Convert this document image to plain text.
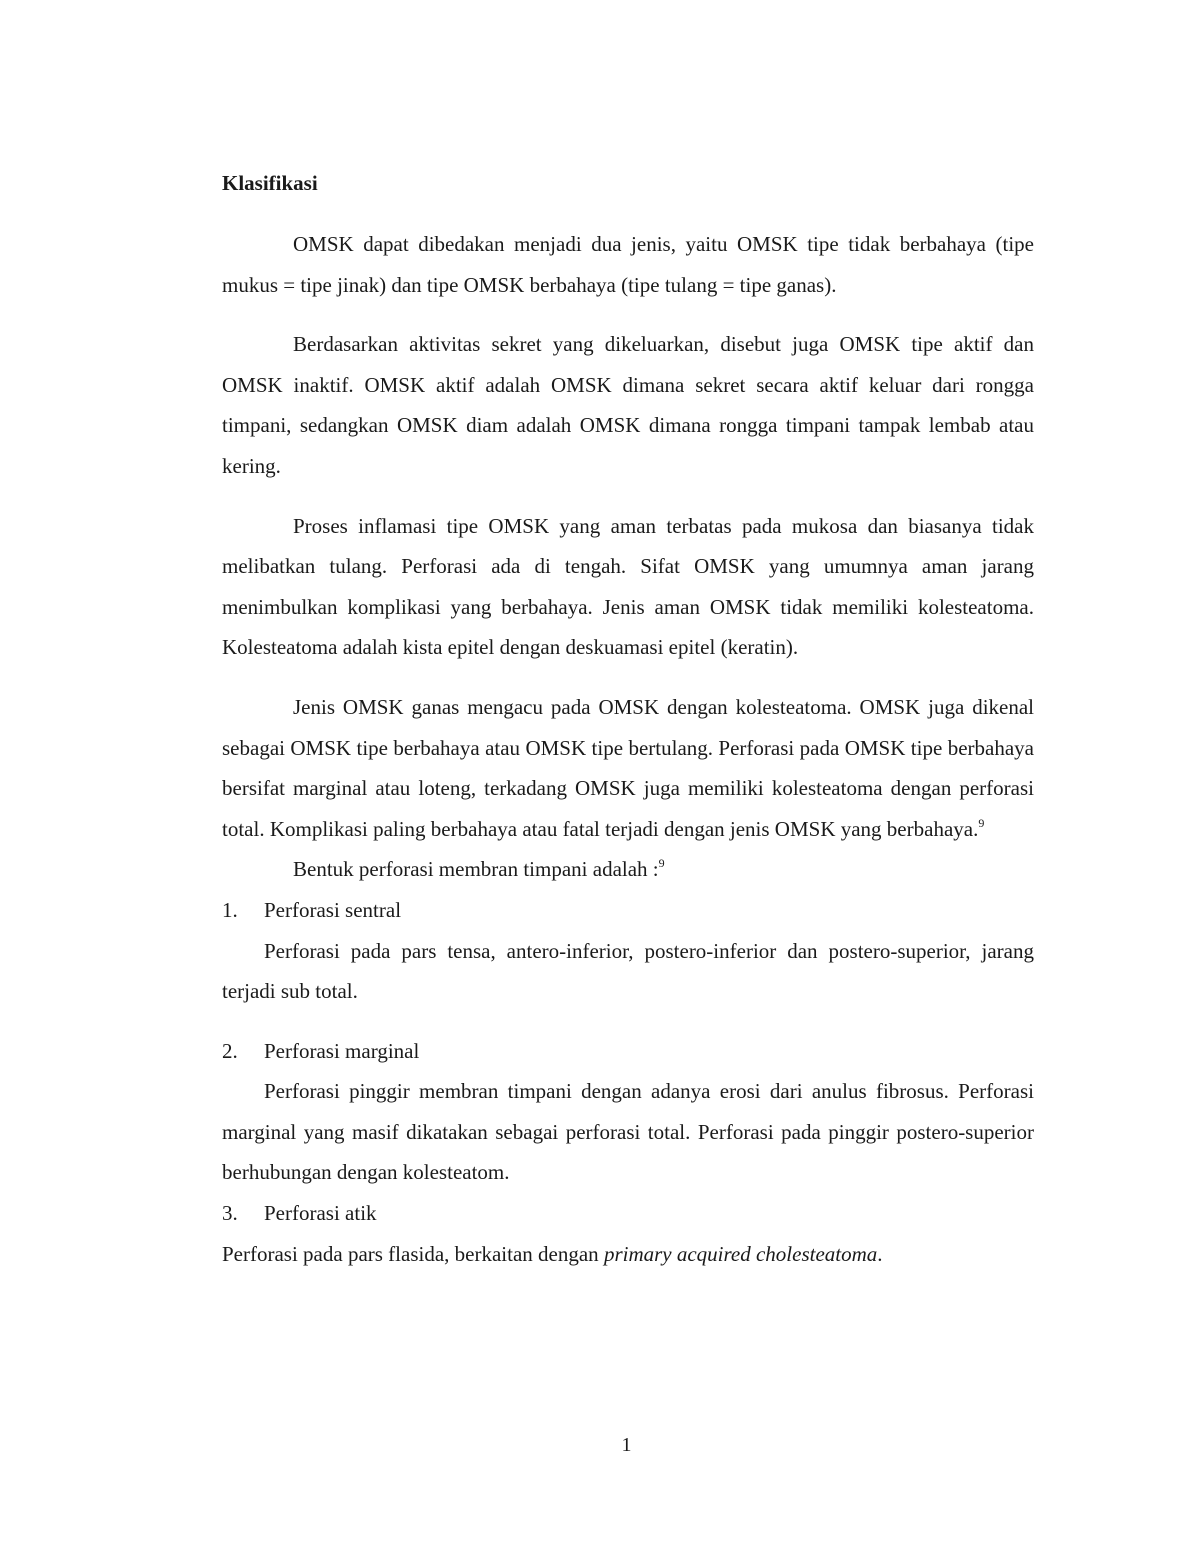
Klasifikasi

OMSK dapat dibedakan menjadi dua jenis, yaitu OMSK tipe tidak berbahaya (tipe mukus = tipe jinak) dan tipe OMSK berbahaya (tipe tulang = tipe ganas).

Berdasarkan aktivitas sekret yang dikeluarkan, disebut juga OMSK tipe aktif dan OMSK inaktif. OMSK aktif adalah OMSK dimana sekret secara aktif keluar dari rongga timpani, sedangkan OMSK diam adalah OMSK dimana rongga timpani tampak lembab atau kering.

Proses inflamasi tipe OMSK yang aman terbatas pada mukosa dan biasanya tidak melibatkan tulang. Perforasi ada di tengah. Sifat OMSK yang umumnya aman jarang menimbulkan komplikasi yang berbahaya. Jenis aman OMSK tidak memiliki kolesteatoma. Kolesteatoma adalah kista epitel dengan deskuamasi epitel (keratin).

Jenis OMSK ganas mengacu pada OMSK dengan kolesteatoma. OMSK juga dikenal sebagai OMSK tipe berbahaya atau OMSK tipe bertulang. Perforasi pada OMSK tipe berbahaya bersifat marginal atau loteng, terkadang OMSK juga memiliki kolesteatoma dengan perforasi total. Komplikasi paling berbahaya atau fatal terjadi dengan jenis OMSK yang berbahaya.$^9$

Bentuk perforasi membran timpani adalah :$^9$

1.	Perforasi sentral

Perforasi pada pars tensa, antero-inferior, postero-inferior dan postero-superior, jarang terjadi sub total.

2.	Perforasi marginal

Perforasi pinggir membran timpani dengan adanya erosi dari anulus fibrosus. Perforasi marginal yang masif dikatakan sebagai perforasi total. Perforasi pada pinggir postero-superior berhubungan dengan kolesteatom.

3.	Perforasi atik

Perforasi pada pars flasida, berkaitan dengan primary acquired cholesteatoma.

1
